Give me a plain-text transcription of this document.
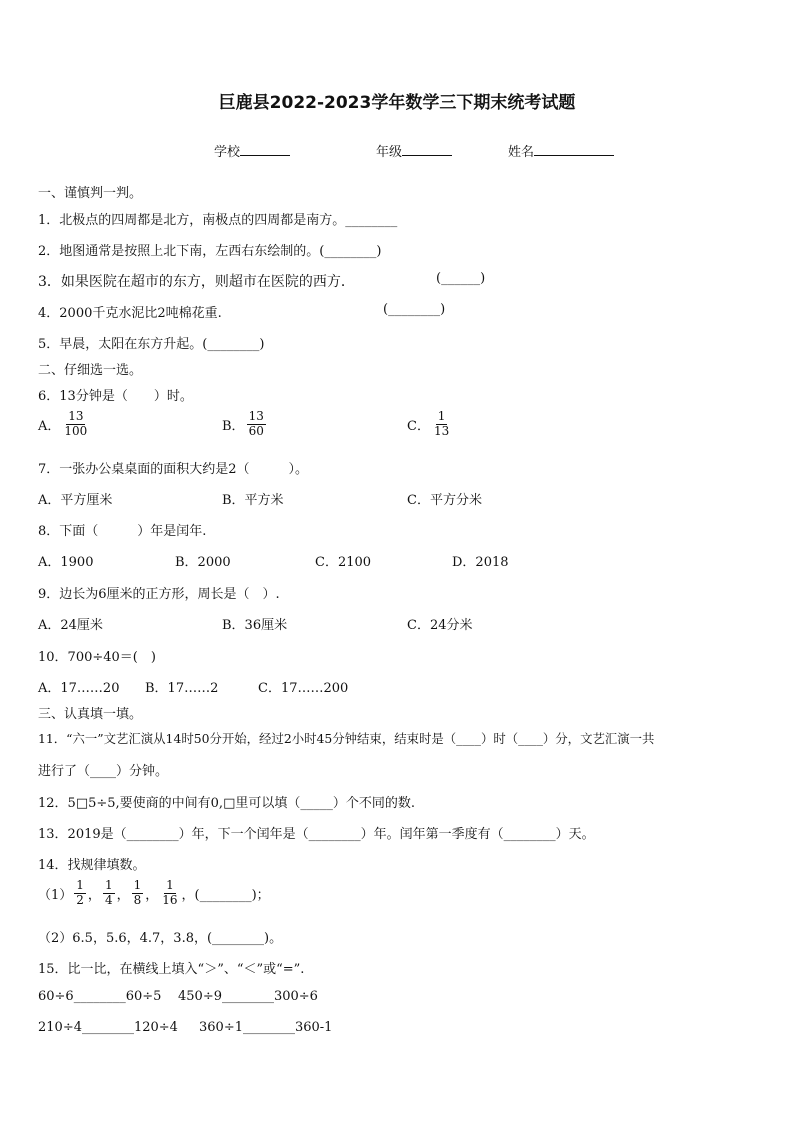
巨鹿县2022-2023学年数学三下期末统考试题
学校	年级	姓名
一、谨慎判一判。
1．北极点的四周都是北方，南极点的四周都是南方。________
2．地图通常是按照上北下南，左西右东绘制的。(________)
3．如果医院在超市的东方，则超市在医院的西方．	(______)
4．2000千克水泥比2吨棉花重.	(________)
5．早晨，太阳在东方升起。(________)
二、仔细选一选。
6．13分钟是（　　）时。
A． $\frac{13}{100}$	B． $\frac{13}{60}$	C． $\frac{1}{13}$
7．一张办公桌桌面的面积大约是2（　　　）。
A．平方厘米	B．平方米	C．平方分米
8．下面（　　　）年是闰年.
A．1900	B．2000	C．2100	D．2018
9．边长为6厘米的正方形，周长是（　）.
A．24厘米	B．36厘米	C．24分米
10．700÷40＝(　)
A．17……20 B．17……2	C．17……200
三、认真填一填。
11．“六一”文艺汇演从14时50分开始，经过2小时45分钟结束，结束时是（____）时（____）分，文艺汇演一共
进行了（____）分钟。
12．5□5÷5,要使商的中间有0,□里可以填（_____）个不同的数.
13．2019是（________）年，下一个闰年是（________）年。闰年第一季度有（________）天。
14．找规律填数。
$(1) \frac{1}{2}$ ， $\frac{1}{4}$ ， $\frac{1}{8}$ ， $\frac{1}{16}$ ，(________)；
（2）6.5，5.6，4.7，3.8，(________)。
15．比一比，在横线上填入“＞”、“＜”或“=”.
60÷6________60÷5 450÷9________300÷6
210÷4________120÷4 360÷1________360-1
